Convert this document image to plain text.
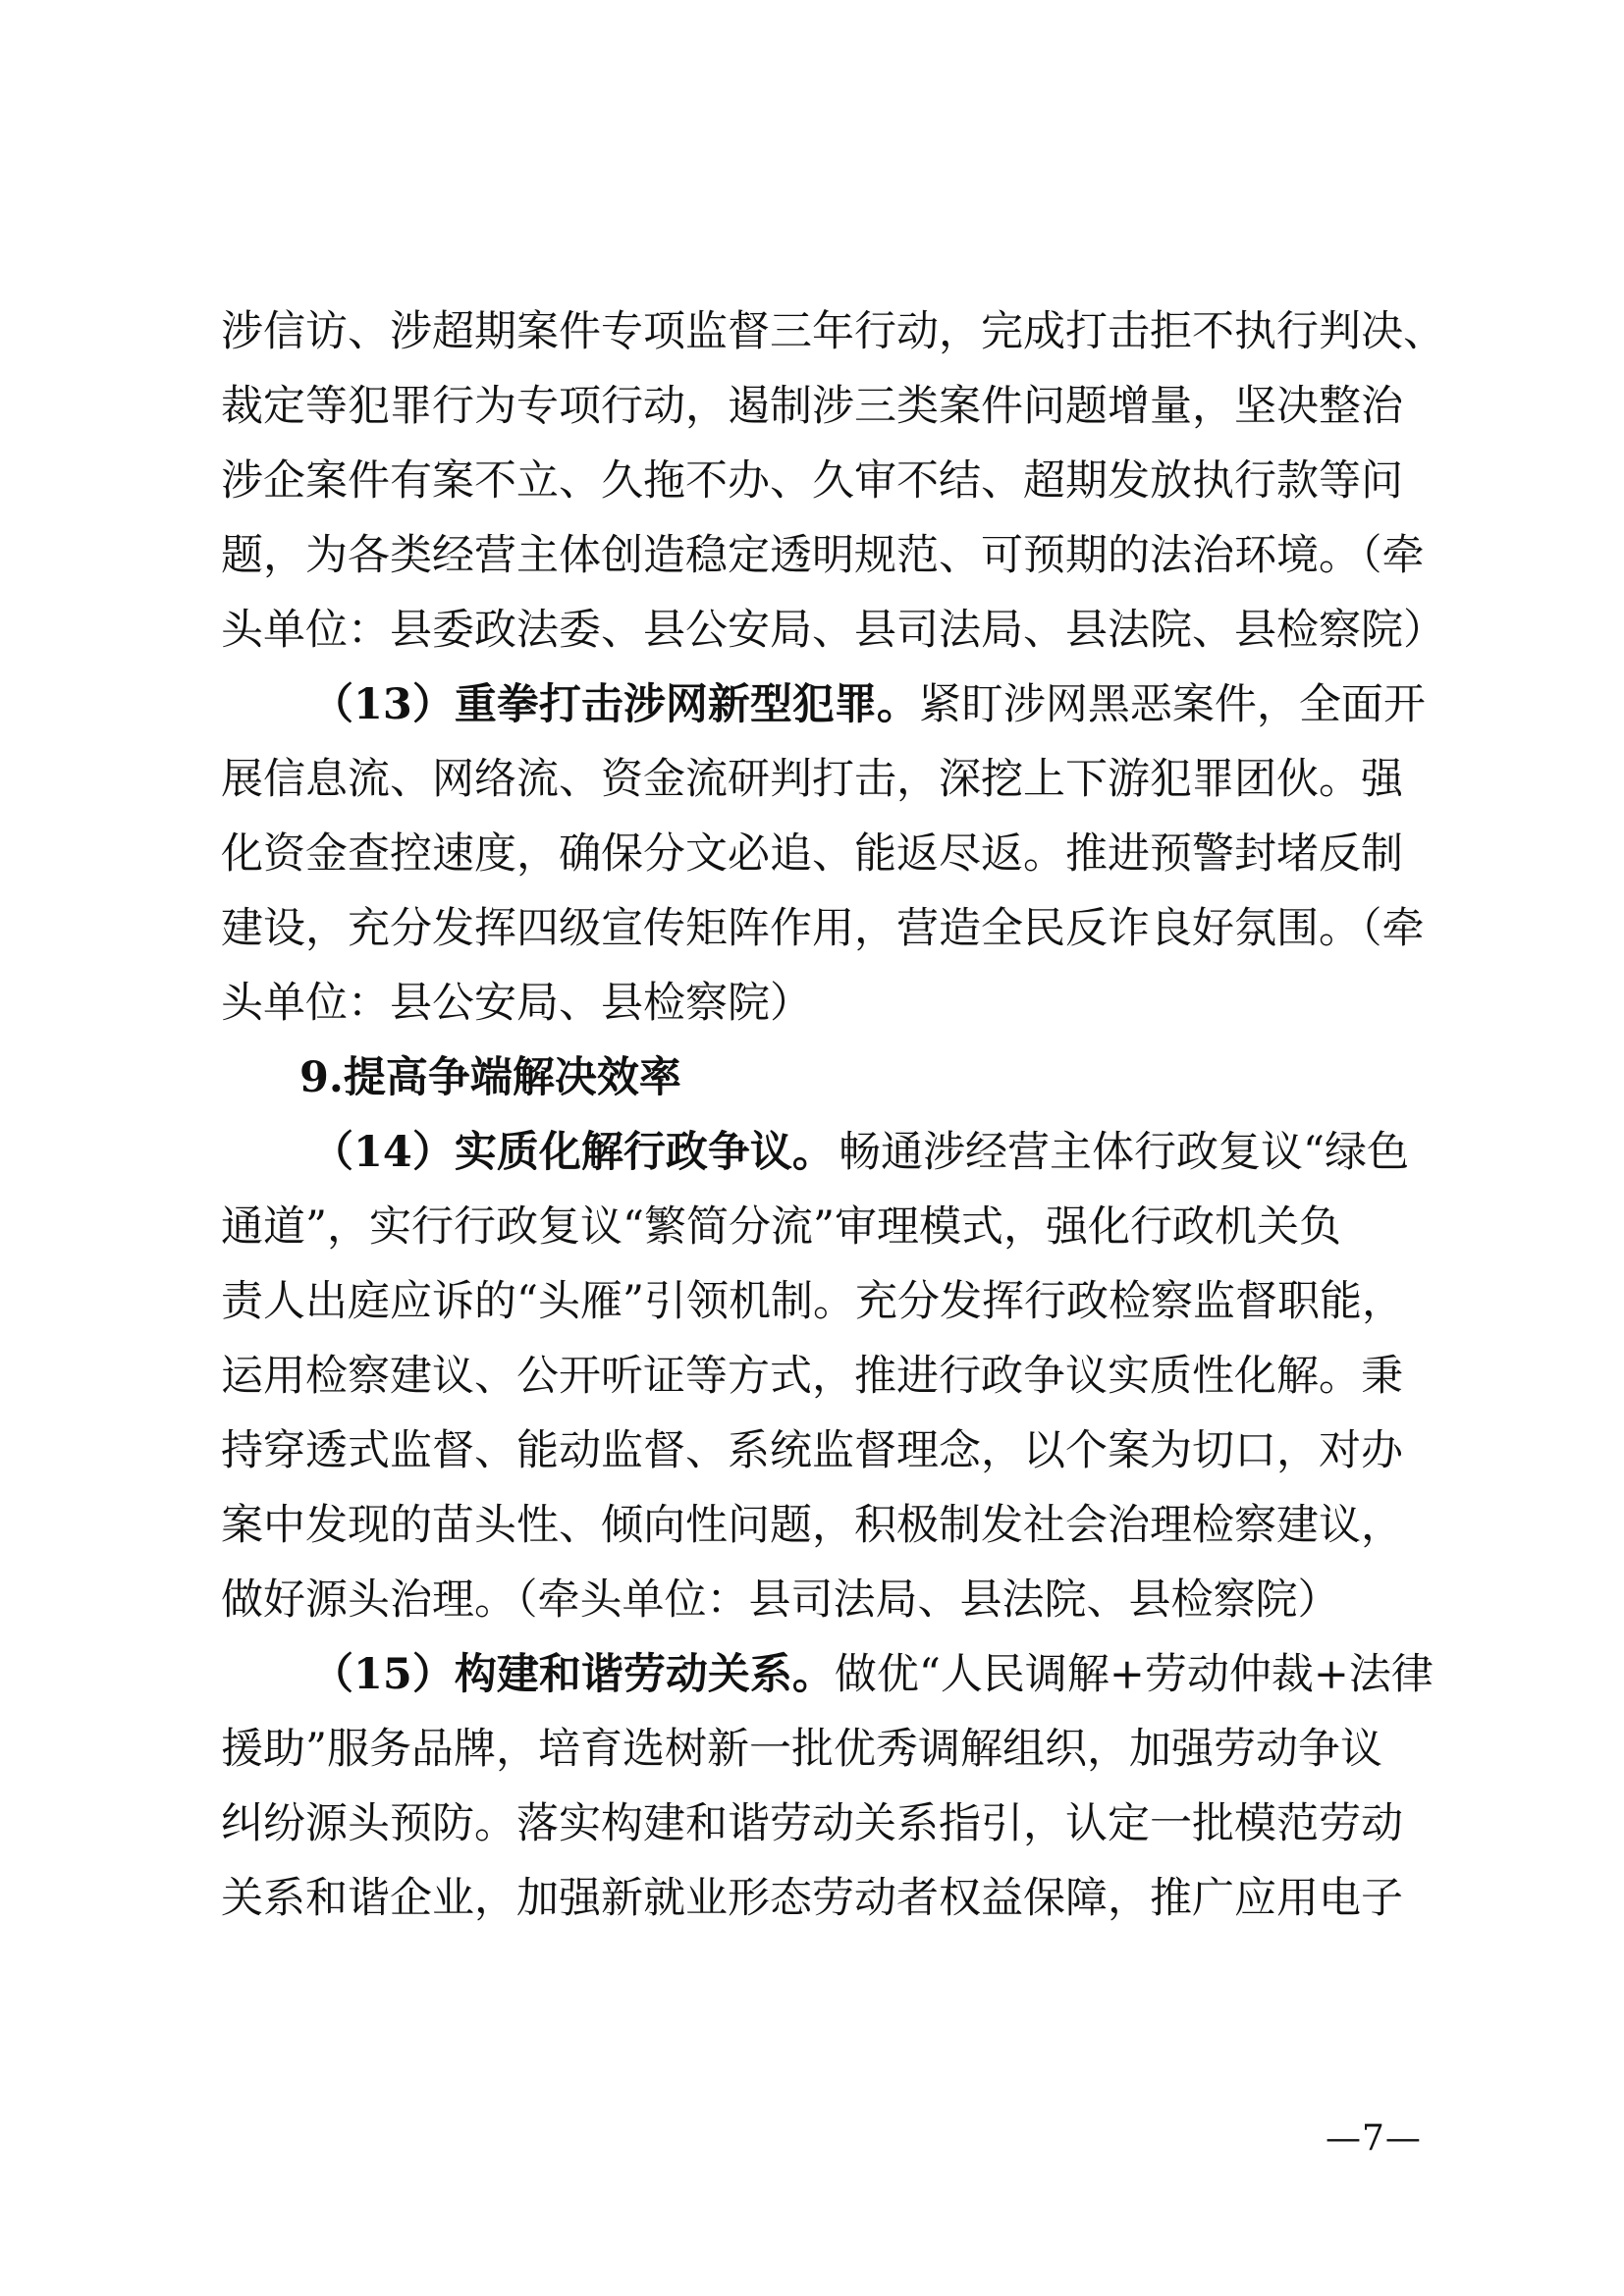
涉信访、涉超期案件专项监督三年行动，完成打击拒不执行判决、
裁定等犯罪行为专项行动，遏制涉三类案件问题增量，坚决整治
涉企案件有案不立、久拖不办、久审不结、超期发放执行款等问
题，为各类经营主体创造稳定透明规范、可预期的法治环境。（牵
头单位：县委政法委、县公安局、县司法局、县法院、县检察院）
（13）重拳打击涉网新型犯罪。 紧盯涉网黑恶案件，全面开
展信息流、网络流、资金流研判打击，深挖上下游犯罪团伙。强
化资金查控速度，确保分文必追、能返尽返。推进预警封堵反制
建设，充分发挥四级宣传矩阵作用，营造全民反诈良好氛围。（牵
头单位：县公安局、县检察院）
9.提高争端解决效率
（14）实质化解行政争议。 畅通涉经营主体行政复议“绿色
通道”，实行行政复议“繁简分流”审理模式，强化行政机关负
责人出庭应诉的“头雁”引领机制。充分发挥行政检察监督职能，
运用检察建议、公开听证等方式，推进行政争议实质性化解。秉
持穿透式监督、能动监督、系统监督理念，以个案为切口，对办
案中发现的苗头性、倾向性问题，积极制发社会治理检察建议，
做好源头治理。（牵头单位：县司法局、县法院、县检察院）
（15）构建和谐劳动关系。 做优“人民调解+劳动仲裁+法律
援助”服务品牌，培育选树新一批优秀调解组织，加强劳动争议
纠纷源头预防。落实构建和谐劳动关系指引，认定一批模范劳动
关系和谐企业，加强新就业形态劳动者权益保障，推广应用电子
—7—
